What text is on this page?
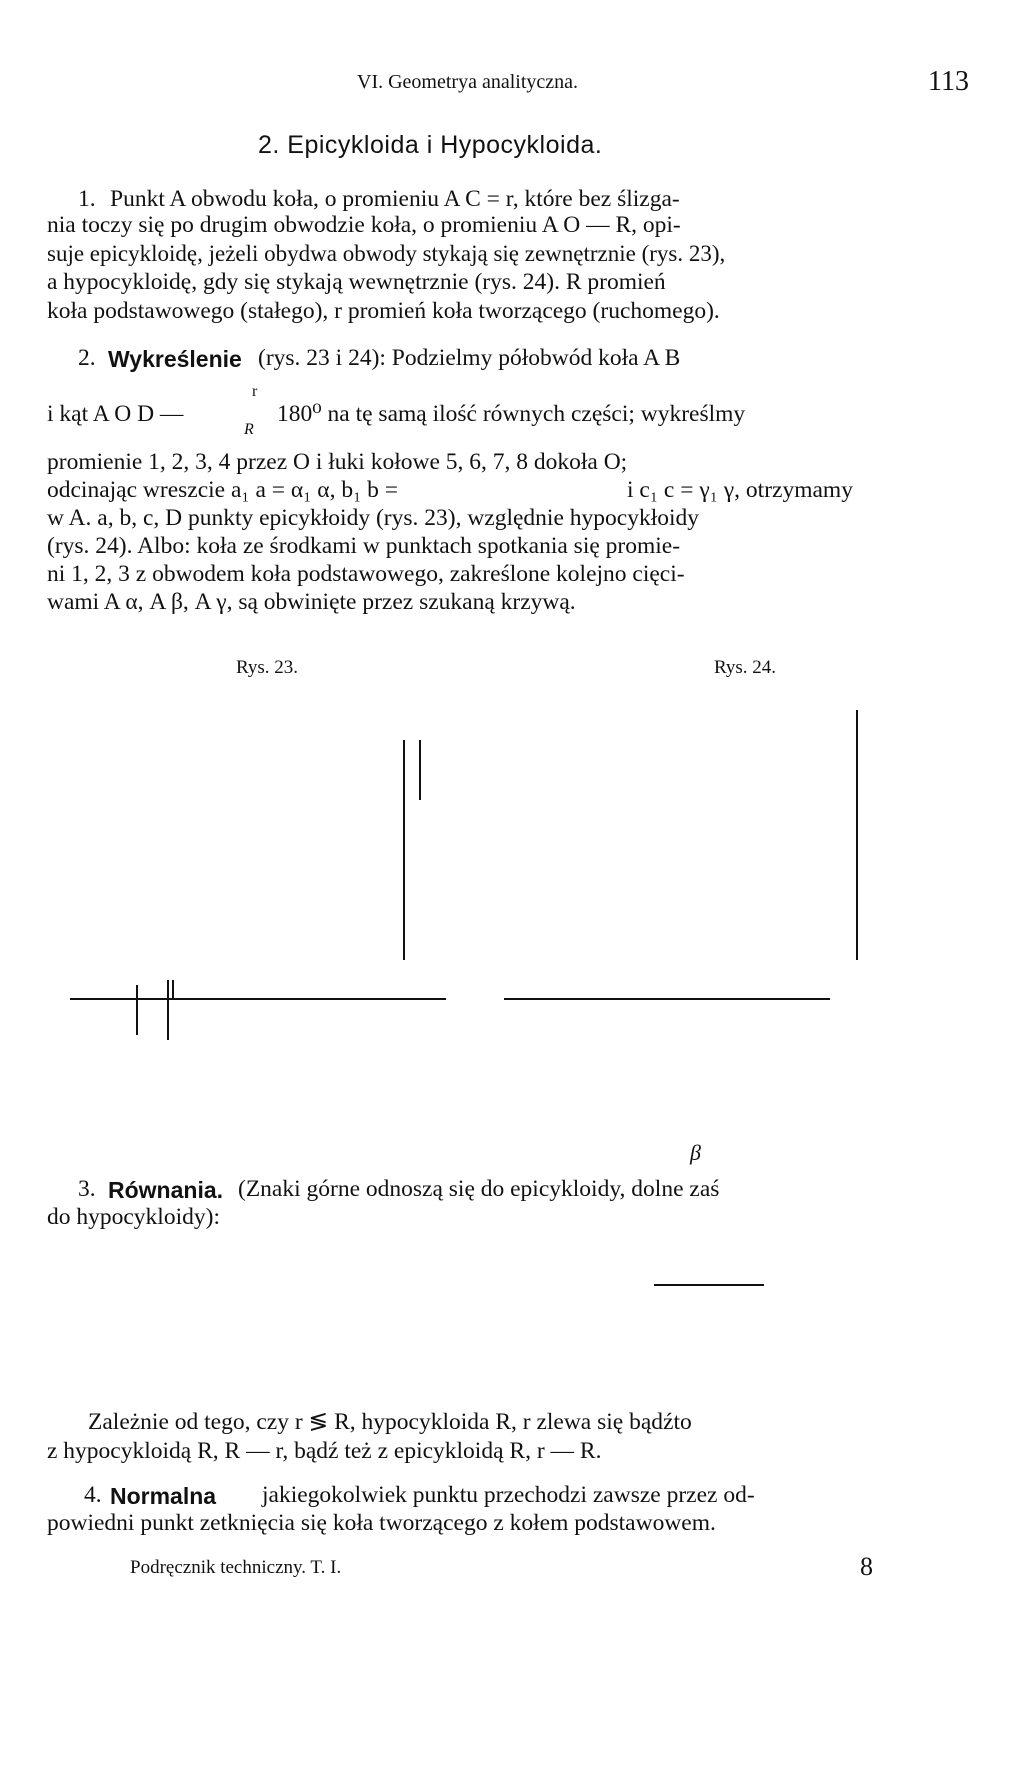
VI. Geometrya analityczna.	113
2. Epicykloida i Hypocykloida.
1. Punkt A obwodu koła, o promieniu A C = r, które bez ślizga-
nia toczy się po drugim obwodzie koła, o promieniu A O — R, opi-
suje epicykloidę, jeżeli obydwa obwody stykają się zewnętrznie (rys. 23),
a hypocykloidę, gdy się stykają wewnętrznie (rys. 24). R promień
koła podstawowego (stałego), r promień koła tworzącego (ruchomego).
2. Wykreślenie (rys. 23 i 24): Podzielmy półobwód koła A B
r
R
i kąt A O D —	180⁰ na tę samą ilość równych części; wykreślmy
promienie 1, 2, 3, 4 przez O i łuki kołowe 5, 6, 7, 8 dokoła O;
odcinając wreszcie a₁ a = α₁ α, b₁ b =	i c₁ c = γ₁ γ, otrzymamy
w A. a, b, c, D punkty epicykłoidy (rys. 23), względnie hypocykłoidy
(rys. 24). Albo: koła ze środkami w punktach spotkania się promie-
ni 1, 2, 3 z obwodem koła podstawowego, zakreślone kolejno cięci-
wami A α, A β, A γ, są obwinięte przez szukaną krzywą.
Rys. 23.	Rys. 24.
β
3. Równania. (Znaki górne odnoszą się do epicykloidy, dolne zaś
do hypocykloidy):
Zależnie od tego, czy r ≶ R, hypocykloida R, r zlewa się bądźto
z hypocykloidą R, R — r, bądź też z epicykloidą R, r — R.
4. Normalna jakiegokolwiek punktu przechodzi zawsze przez od-
powiedni punkt zetknięcia się koła tworzącego z kołem podstawowem.
Podręcznik techniczny. T. I.	8
